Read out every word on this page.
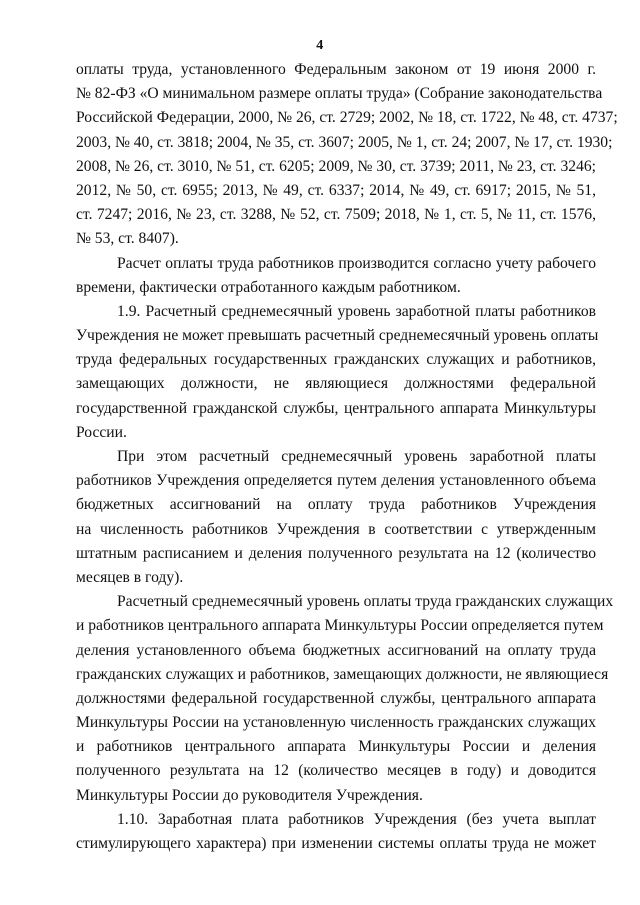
4
оплаты труда, установленного Федеральным законом от 19 июня 2000 г.
№ 82-ФЗ «О минимальном размере оплаты труда» (Собрание законодательства
Российской Федерации, 2000, № 26, ст. 2729; 2002, № 18, ст. 1722, № 48, ст. 4737;
2003, № 40, ст. 3818; 2004, № 35, ст. 3607; 2005, № 1, ст. 24; 2007, № 17, ст. 1930;
2008, № 26, ст. 3010, № 51, ст. 6205; 2009, № 30, ст. 3739; 2011, № 23, ст. 3246;
2012, № 50, ст. 6955; 2013, № 49, ст. 6337; 2014, № 49, ст. 6917; 2015, № 51,
ст. 7247; 2016, № 23, ст. 3288, № 52, ст. 7509; 2018, № 1, ст. 5, № 11, ст. 1576,
№ 53, ст. 8407).
Расчет оплаты труда работников производится согласно учету рабочего
времени, фактически отработанного каждым работником.
1.9. Расчетный среднемесячный уровень заработной платы работников
Учреждения не может превышать расчетный среднемесячный уровень оплаты
труда федеральных государственных гражданских служащих и работников,
замещающих должности, не являющиеся должностями федеральной
государственной гражданской службы, центрального аппарата Минкультуры
России.
При этом расчетный среднемесячный уровень заработной платы
работников Учреждения определяется путем деления установленного объема
бюджетных ассигнований на оплату труда работников Учреждения
на численность работников Учреждения в соответствии с утвержденным
штатным расписанием и деления полученного результата на 12 (количество
месяцев в году).
Расчетный среднемесячный уровень оплаты труда гражданских служащих
и работников центрального аппарата Минкультуры России определяется путем
деления установленного объема бюджетных ассигнований на оплату труда
гражданских служащих и работников, замещающих должности, не являющиеся
должностями федеральной государственной службы, центрального аппарата
Минкультуры России на установленную численность гражданских служащих
и работников центрального аппарата Минкультуры России и деления
полученного результата на 12 (количество месяцев в году) и доводится
Минкультуры России до руководителя Учреждения.
1.10. Заработная плата работников Учреждения (без учета выплат
стимулирующего характера) при изменении системы оплаты труда не может
